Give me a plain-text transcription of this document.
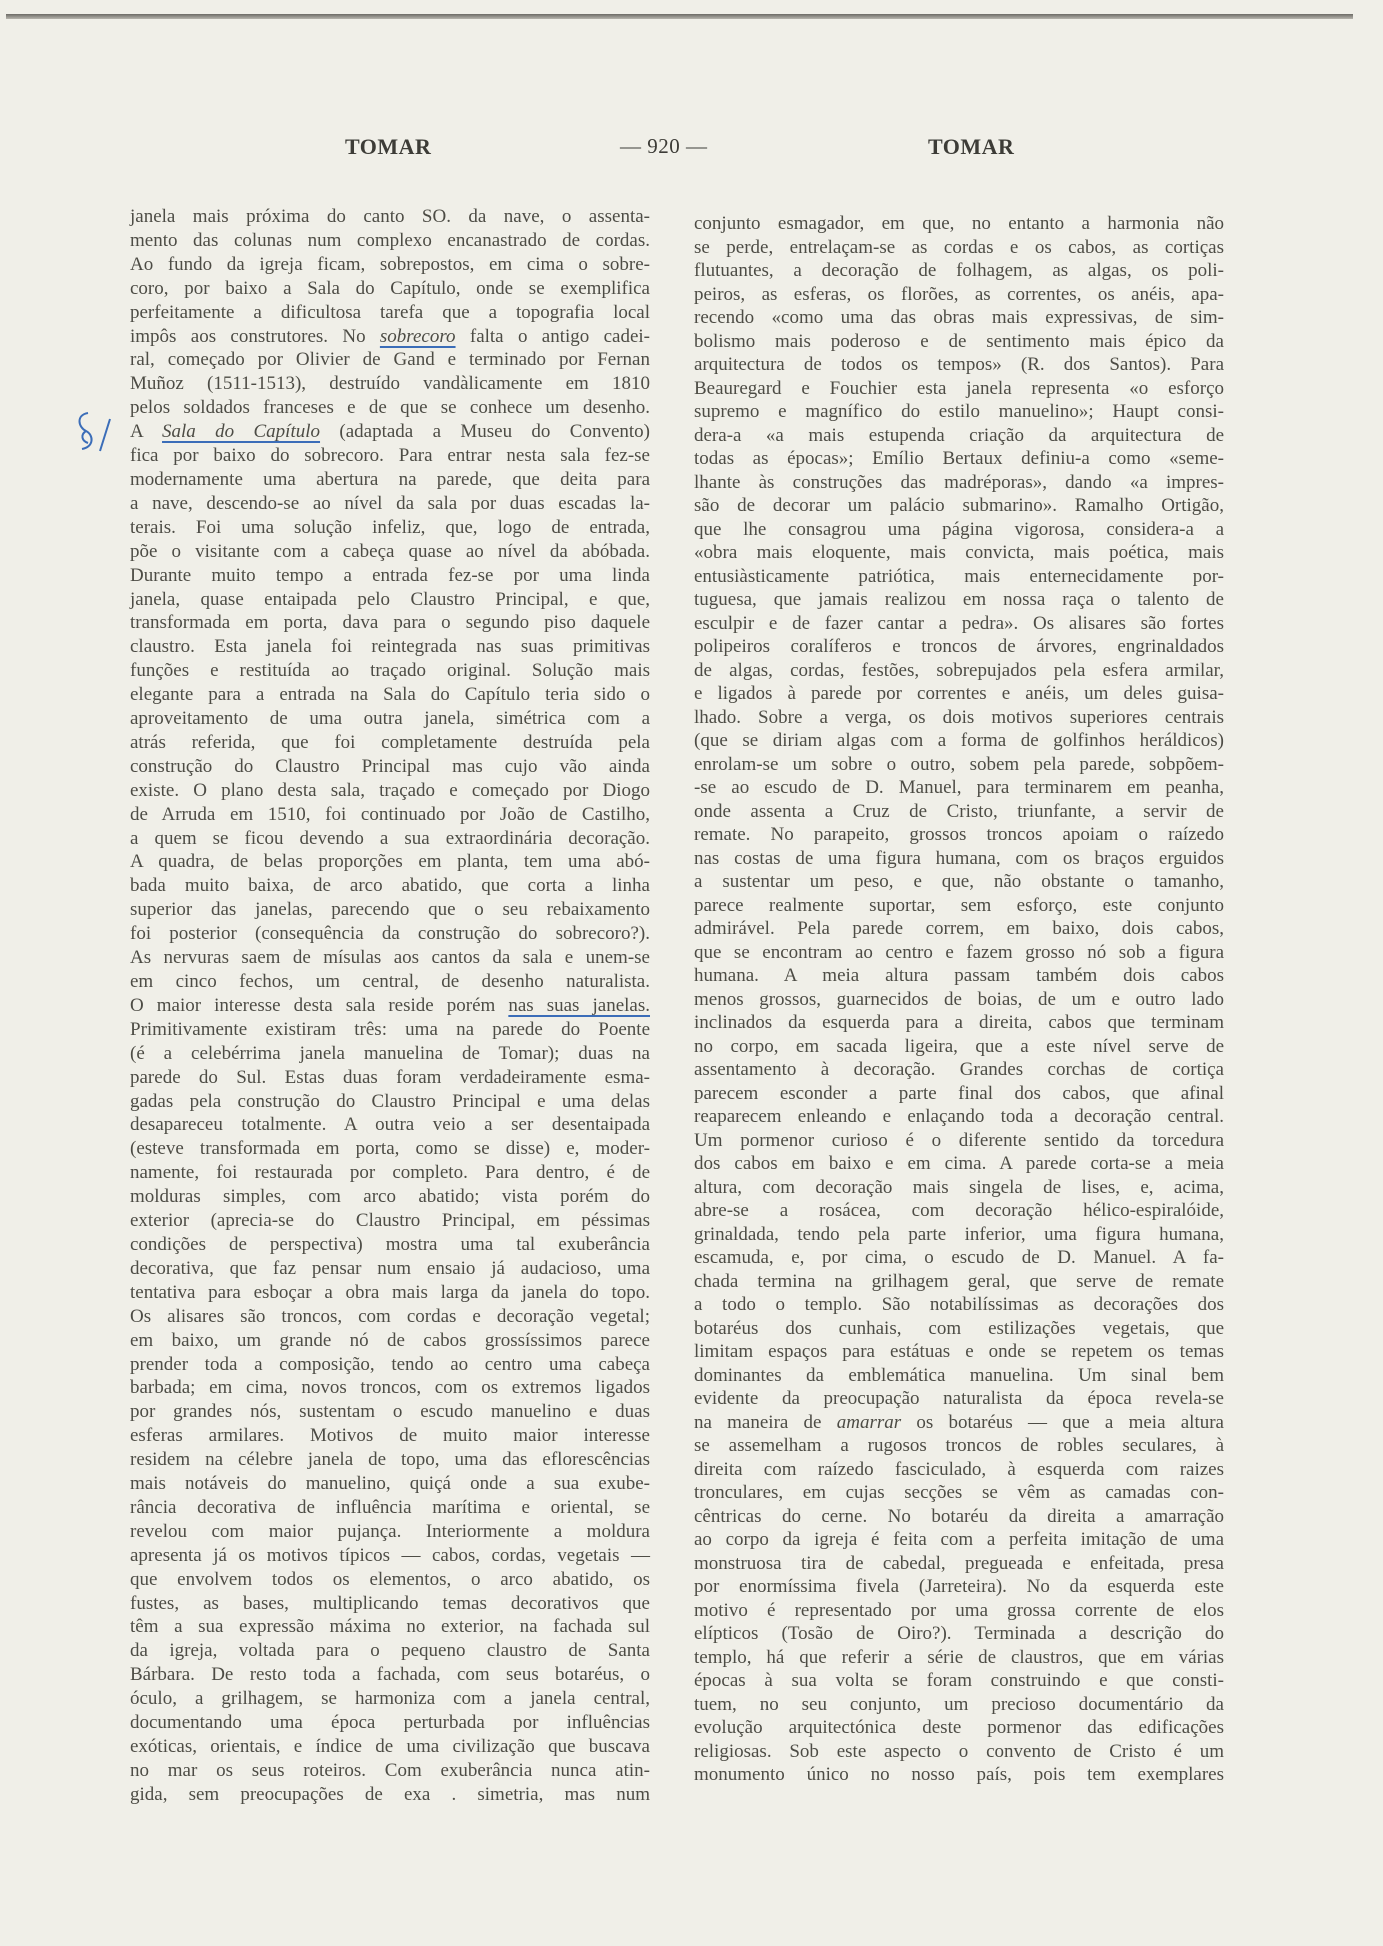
TOMAR	— 920 —	TOMAR
janela mais próxima do canto SO. da nave, o assenta-
mento das colunas num complexo encanastrado de cordas.
Ao fundo da igreja ficam, sobrepostos, em cima o sobre-
coro, por baixo a Sala do Capítulo, onde se exemplifica
perfeitamente a dificultosa tarefa que a topografia local
impôs aos construtores. No sobrecoro falta o antigo cadei-
ral, começado por Olivier de Gand e terminado por Fernan
Muñoz (1511-1513), destruído vandàlicamente em 1810
pelos soldados franceses e de que se conhece um desenho.
A Sala do Capítulo (adaptada a Museu do Convento)
fica por baixo do sobrecoro. Para entrar nesta sala fez-se
modernamente uma abertura na parede, que deita para
a nave, descendo-se ao nível da sala por duas escadas la-
terais. Foi uma solução infeliz, que, logo de entrada,
põe o visitante com a cabeça quase ao nível da abóbada.
Durante muito tempo a entrada fez-se por uma linda
janela, quase entaipada pelo Claustro Principal, e que,
transformada em porta, dava para o segundo piso daquele
claustro. Esta janela foi reintegrada nas suas primitivas
funções e restituída ao traçado original. Solução mais
elegante para a entrada na Sala do Capítulo teria sido o
aproveitamento de uma outra janela, simétrica com a
atrás referida, que foi completamente destruída pela
construção do Claustro Principal mas cujo vão ainda
existe. O plano desta sala, traçado e começado por Diogo
de Arruda em 1510, foi continuado por João de Castilho,
a quem se ficou devendo a sua extraordinária decoração.
A quadra, de belas proporções em planta, tem uma abó-
bada muito baixa, de arco abatido, que corta a linha
superior das janelas, parecendo que o seu rebaixamento
foi posterior (consequência da construção do sobrecoro?).
As nervuras saem de mísulas aos cantos da sala e unem-se
em cinco fechos, um central, de desenho naturalista.
O maior interesse desta sala reside porém nas suas janelas.
Primitivamente existiram três: uma na parede do Poente
(é a celebérrima janela manuelina de Tomar); duas na
parede do Sul. Estas duas foram verdadeiramente esma-
gadas pela construção do Claustro Principal e uma delas
desapareceu totalmente. A outra veio a ser desentaipada
(esteve transformada em porta, como se disse) e, moder-
namente, foi restaurada por completo. Para dentro, é de
molduras simples, com arco abatido; vista porém do
exterior (aprecia-se do Claustro Principal, em péssimas
condições de perspectiva) mostra uma tal exuberância
decorativa, que faz pensar num ensaio já audacioso, uma
tentativa para esboçar a obra mais larga da janela do topo.
Os alisares são troncos, com cordas e decoração vegetal;
em baixo, um grande nó de cabos grossíssimos parece
prender toda a composição, tendo ao centro uma cabeça
barbada; em cima, novos troncos, com os extremos ligados
por grandes nós, sustentam o escudo manuelino e duas
esferas armilares. Motivos de muito maior interesse
residem na célebre janela de topo, uma das eflorescências
mais notáveis do manuelino, quiçá onde a sua exube-
rância decorativa de influência marítima e oriental, se
revelou com maior pujança. Interiormente a moldura
apresenta já os motivos típicos — cabos, cordas, vegetais —
que envolvem todos os elementos, o arco abatido, os
fustes, as bases, multiplicando temas decorativos que
têm a sua expressão máxima no exterior, na fachada sul
da igreja, voltada para o pequeno claustro de Santa
Bárbara. De resto toda a fachada, com seus botaréus, o
óculo, a grilhagem, se harmoniza com a janela central,
documentando uma época perturbada por influências
exóticas, orientais, e índice de uma civilização que buscava
no mar os seus roteiros. Com exuberância nunca atin-
gida, sem preocupações de exa . simetria, mas num
conjunto esmagador, em que, no entanto a harmonia não
se perde, entrelaçam-se as cordas e os cabos, as cortiças
flutuantes, a decoração de folhagem, as algas, os poli-
peiros, as esferas, os florões, as correntes, os anéis, apa-
recendo «como uma das obras mais expressivas, de sim-
bolismo mais poderoso e de sentimento mais épico da
arquitectura de todos os tempos» (R. dos Santos). Para
Beauregard e Fouchier esta janela representa «o esforço
supremo e magnífico do estilo manuelino»; Haupt consi-
dera-a «a mais estupenda criação da arquitectura de
todas as épocas»; Emílio Bertaux definiu-a como «seme-
lhante às construções das madréporas», dando «a impres-
são de decorar um palácio submarino». Ramalho Ortigão,
que lhe consagrou uma página vigorosa, considera-a a
«obra mais eloquente, mais convicta, mais poética, mais
entusiàsticamente patriótica, mais enternecidamente por-
tuguesa, que jamais realizou em nossa raça o talento de
esculpir e de fazer cantar a pedra». Os alisares são fortes
polipeiros coralíferos e troncos de árvores, engrinaldados
de algas, cordas, festões, sobrepujados pela esfera armilar,
e ligados à parede por correntes e anéis, um deles guisa-
lhado. Sobre a verga, os dois motivos superiores centrais
(que se diriam algas com a forma de golfinhos heráldicos)
enrolam-se um sobre o outro, sobem pela parede, sobpõem-
-se ao escudo de D. Manuel, para terminarem em peanha,
onde assenta a Cruz de Cristo, triunfante, a servir de
remate. No parapeito, grossos troncos apoiam o raízedo
nas costas de uma figura humana, com os braços erguidos
a sustentar um peso, e que, não obstante o tamanho,
parece realmente suportar, sem esforço, este conjunto
admirável. Pela parede correm, em baixo, dois cabos,
que se encontram ao centro e fazem grosso nó sob a figura
humana. A meia altura passam também dois cabos
menos grossos, guarnecidos de boias, de um e outro lado
inclinados da esquerda para a direita, cabos que terminam
no corpo, em sacada ligeira, que a este nível serve de
assentamento à decoração. Grandes corchas de cortiça
parecem esconder a parte final dos cabos, que afinal
reaparecem enleando e enlaçando toda a decoração central.
Um pormenor curioso é o diferente sentido da torcedura
dos cabos em baixo e em cima. A parede corta-se a meia
altura, com decoração mais singela de lises, e, acima,
abre-se a rosácea, com decoração hélico-espiralóide,
grinaldada, tendo pela parte inferior, uma figura humana,
escamuda, e, por cima, o escudo de D. Manuel. A fa-
chada termina na grilhagem geral, que serve de remate
a todo o templo. São notabilíssimas as decorações dos
botaréus dos cunhais, com estilizações vegetais, que
limitam espaços para estátuas e onde se repetem os temas
dominantes da emblemática manuelina. Um sinal bem
evidente da preocupação naturalista da época revela-se
na maneira de amarrar os botaréus — que a meia altura
se assemelham a rugosos troncos de robles seculares, à
direita com raízedo fasciculado, à esquerda com raizes
tronculares, em cujas secções se vêm as camadas con-
cêntricas do cerne. No botaréu da direita a amarração
ao corpo da igreja é feita com a perfeita imitação de uma
monstruosa tira de cabedal, pregueada e enfeitada, presa
por enormíssima fivela (Jarreteira). No da esquerda este
motivo é representado por uma grossa corrente de elos
elípticos (Tosão de Oiro?). Terminada a descrição do
templo, há que referir a série de claustros, que em várias
épocas à sua volta se foram construindo e que consti-
tuem, no seu conjunto, um precioso documentário da
evolução arquitectónica deste pormenor das edificações
religiosas. Sob este aspecto o convento de Cristo é um
monumento único no nosso país, pois tem exemplares
